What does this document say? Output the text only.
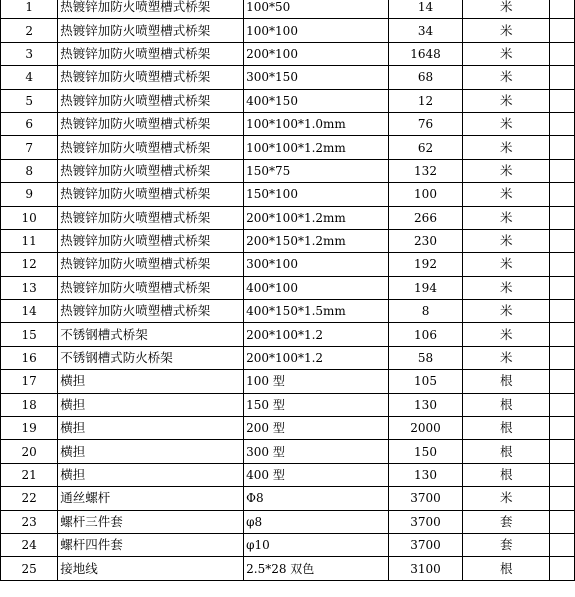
1	热镀锌加防火喷塑槽式桥架	100*50	14	米	
2	热镀锌加防火喷塑槽式桥架	100*100	34	米	
3	热镀锌加防火喷塑槽式桥架	200*100	1648	米	
4	热镀锌加防火喷塑槽式桥架	300*150	68	米	
5	热镀锌加防火喷塑槽式桥架	400*150	12	米	
6	热镀锌加防火喷塑槽式桥架	100*100*1.0mm	76	米	
7	热镀锌加防火喷塑槽式桥架	100*100*1.2mm	62	米	
8	热镀锌加防火喷塑槽式桥架	150*75	132	米	
9	热镀锌加防火喷塑槽式桥架	150*100	100	米	
10	热镀锌加防火喷塑槽式桥架	200*100*1.2mm	266	米	
11	热镀锌加防火喷塑槽式桥架	200*150*1.2mm	230	米	
12	热镀锌加防火喷塑槽式桥架	300*100	192	米	
13	热镀锌加防火喷塑槽式桥架	400*100	194	米	
14	热镀锌加防火喷塑槽式桥架	400*150*1.5mm	8	米	
15	不锈钢槽式桥架	200*100*1.2	106	米	
16	不锈钢槽式防火桥架	200*100*1.2	58	米	
17	横担	100 型	105	根	
18	横担	150 型	130	根	
19	横担	200 型	2000	根	
20	横担	300 型	150	根	
21	横担	400 型	130	根	
22	通丝螺杆	Φ8	3700	米	
23	螺杆三件套	φ8	3700	套	
24	螺杆四件套	φ10	3700	套	
25	接地线	2.5*28 双色	3100	根	
